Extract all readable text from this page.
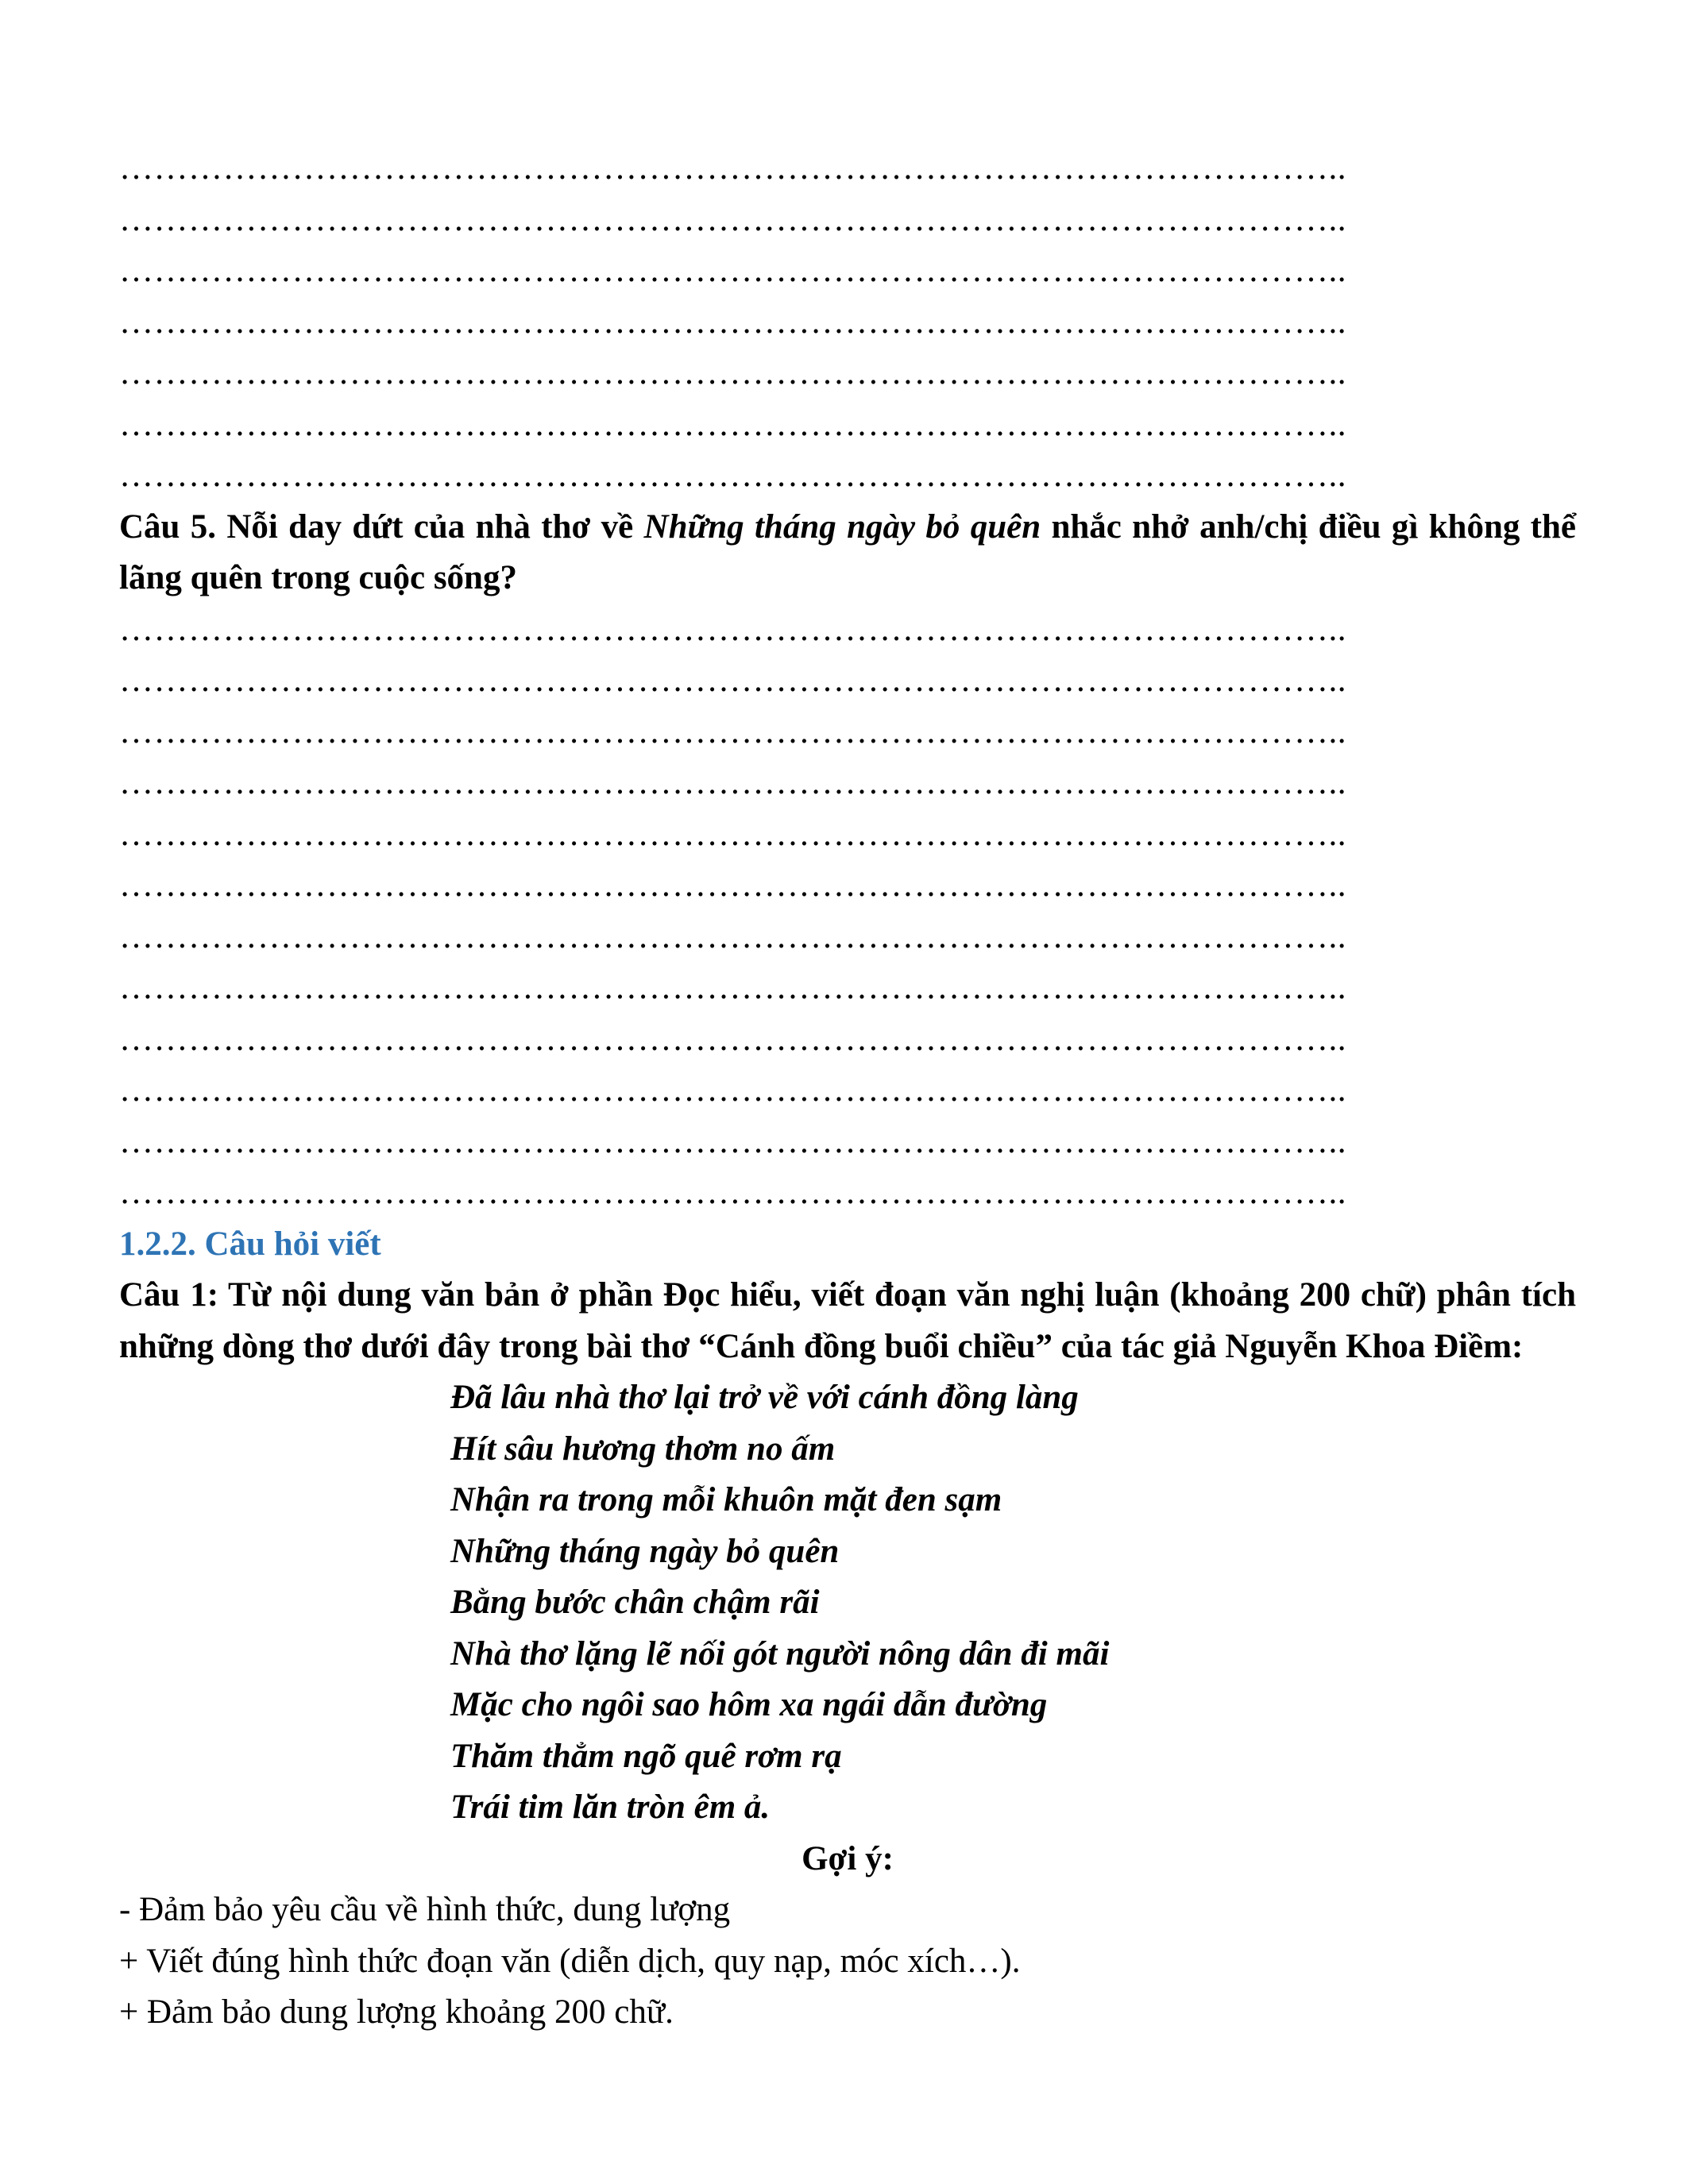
……………………………………………………………………………………………..
……………………………………………………………………………………………..
……………………………………………………………………………………………..
……………………………………………………………………………………………..
……………………………………………………………………………………………..
……………………………………………………………………………………………..
……………………………………………………………………………………………..
Câu 5. Nỗi day dứt của nhà thơ về Những tháng ngày bỏ quên nhắc nhở anh/chị điều gì không thể lãng quên trong cuộc sống?
……………………………………………………………………………………………..
……………………………………………………………………………………………..
……………………………………………………………………………………………..
……………………………………………………………………………………………..
……………………………………………………………………………………………..
……………………………………………………………………………………………..
……………………………………………………………………………………………..
……………………………………………………………………………………………..
……………………………………………………………………………………………..
……………………………………………………………………………………………..
……………………………………………………………………………………………..
……………………………………………………………………………………………..
1.2.2. Câu hỏi viết
Câu 1: Từ nội dung văn bản ở phần Đọc hiểu, viết đoạn văn nghị luận (khoảng 200 chữ) phân tích những dòng thơ dưới đây trong bài thơ “Cánh đồng buổi chiều” của tác giả Nguyễn Khoa Điềm:
Đã lâu nhà thơ lại trở về với cánh đồng làng
Hít sâu hương thơm no ấm
Nhận ra trong mỗi khuôn mặt đen sạm
Những tháng ngày bỏ quên
Bằng bước chân chậm rãi
Nhà thơ lặng lẽ nối gót người nông dân đi mãi
Mặc cho ngôi sao hôm xa ngái dẫn đường
Thăm thẳm ngõ quê rơm rạ
Trái tim lăn tròn êm ả.
Gợi ý:
- Đảm bảo yêu cầu về hình thức, dung lượng
+ Viết đúng hình thức đoạn văn (diễn dịch, quy nạp, móc xích…).
+ Đảm bảo dung lượng khoảng 200 chữ.
